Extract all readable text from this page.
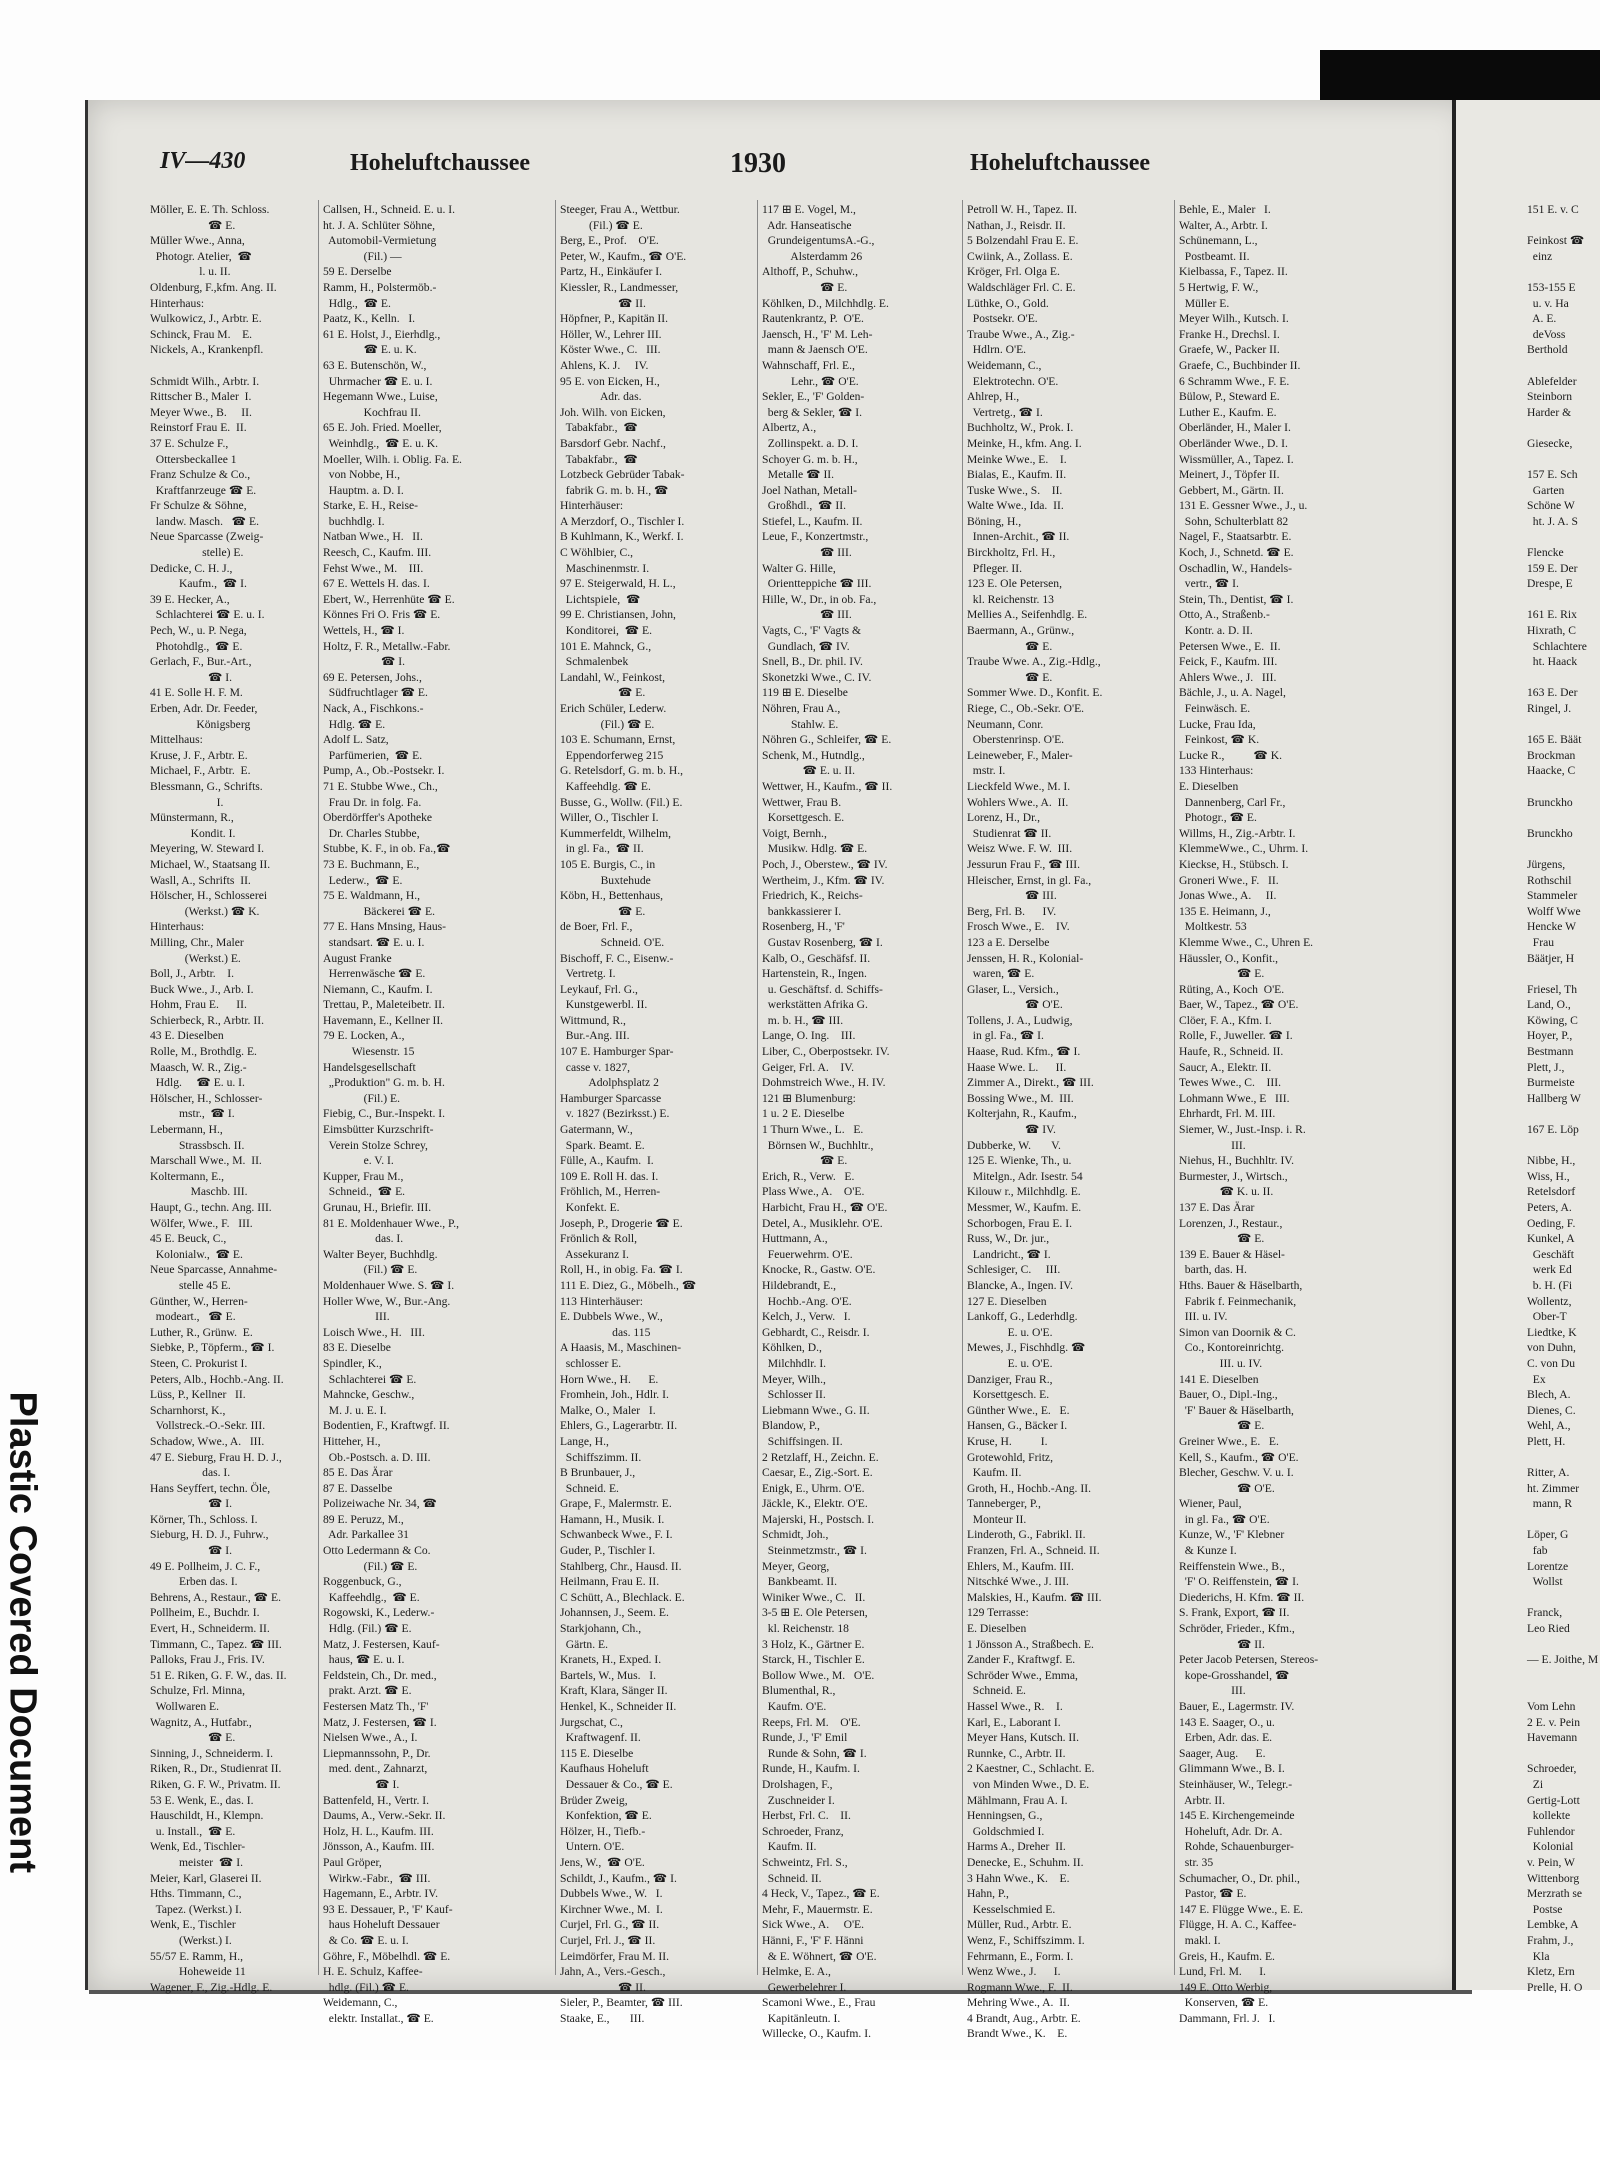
Plastic Covered Document
IV—430	Hoheluftchaussee	1930	Hoheluftchaussee
Möller, E. E. Th. Schloss.
☎ E.
Müller Wwe., Anna,
Photogr. Atelier,  ☎
l. u. II.
Oldenburg, F.,kfm. Ang. II.
Hinterhaus:
Wulkowicz, J., Arbtr. E.
Schinck, Frau M.    E.
Nickels, A., Krankenpfl.
Schmidt Wilh., Arbtr. I.
Rittscher B., Maler  I.
Meyer Wwe., B.     II.
Reinstorf Frau E.  II.
37 E. Schulze F.,
Ottersbeckallee 1
Franz Schulze & Co.,
Kraftfanrzeuge ☎ E.
Fr Schulze & Söhne,
landw. Masch.   ☎ E.
Neue Sparcasse (Zweig-
stelle) E.
Dedicke, C. H. J.,
Kaufm.,  ☎ I.
39 E. Hecker, A.,
Schlachterei ☎ E. u. I.
Pech, W., u. P. Nega,
Photohdlg.,  ☎ E.
Gerlach, F., Bur.-Art.,
☎ I.
41 E. Solle H. F. M.
Erben, Adr. Dr. Feeder,
Königsberg
Mittelhaus:
Kruse, J. F., Arbtr. E.
Michael, F., Arbtr.  E.
Blessmann, G., Schrifts.
I.
Münstermann, R.,
Kondit. I.
Meyering, W. Steward I.
Michael, W., Staatsang II.
Wasll, A., Schrifts  II.
Hölscher, H., Schlosserei
(Werkst.) ☎ K.
Hinterhaus:
Milling, Chr., Maler
(Werkst.) E.
Boll, J., Arbtr.    I.
Buck Wwe., J., Arb. I.
Hohm, Frau E.      II.
Schierbeck, R., Arbtr. II.
43 E. Dieselben
Rolle, M., Brothdlg. E.
Maasch, W. R., Zig.-
Hdlg.     ☎ E. u. I.
Hölscher, H., Schlosser-
mstr.,  ☎ I.
Lebermann, H.,
Strassbsch. II.
Marschall Wwe., M.  II.
Koltermann, E.,
Maschb. III.
Haupt, G., techn. Ang. III.
Wölfer, Wwe., F.   III.
45 E. Beuck, C.,
Kolonialw.,  ☎ E.
Neue Sparcasse, Annahme-
stelle 45 E.
Günther, W., Herren-
modeart.,   ☎ E.
Luther, R., Grünw.  E.
Siebke, P., Töpferm., ☎ I.
Steen, C. Prokurist I.
Peters, Alb., Hochb.-Ang. II.
Lüss, P., Kellner   II.
Scharnhorst, K.,
Vollstreck.-O.-Sekr. III.
Schadow, Wwe., A.   III.
47 E. Sieburg, Frau H. D. J.,
das. I.
Hans Seyffert, techn. Öle,
☎ I.
Körner, Th., Schloss. I.
Sieburg, H. D. J., Fuhrw.,
☎ I.
49 E. Pollheim, J. C. F.,
Erben das. I.
Behrens, A., Restaur., ☎ E.
Pollheim, E., Buchdr. I.
Evert, H., Schneiderm. II.
Timmann, C., Tapez. ☎ III.
Palloks, Frau J., Fris. IV.
51 E. Riken, G. F. W., das. II.
Schulze, Frl. Minna,
Wollwaren E.
Wagnitz, A., Hutfabr.,
☎ E.
Sinning, J., Schneiderm. I.
Riken, R., Dr., Studienrat II.
Riken, G. F. W., Privatm. II.
53 E. Wenk, E., das. I.
Hauschildt, H., Klempn.
u. Install.,  ☎ E.
Wenk, Ed., Tischler-
meister  ☎ I.
Meier, Karl, Glaserei II.
Hths. Timmann, C.,
Tapez. (Werkst.) I.
Wenk, E., Tischler
(Werkst.) I.
55/57 E. Ramm, H.,
Hoheweide 11
Wagener, F., Zig.-Hdlg. E.
Callsen, H., Schneid. E. u. I.
ht. J. A. Schlüter Söhne,
Automobil-Vermietung
(Fil.) —
59 E. Derselbe
Ramm, H., Polstermöb.-
Hdlg.,  ☎ E.
Paatz, K., Kelln.   I.
61 E. Holst, J., Eierhdlg.,
☎ E. u. K.
63 E. Butenschön, W.,
Uhrmacher ☎ E. u. I.
Hegemann Wwe., Luise,
Kochfrau II.
65 E. Joh. Fried. Moeller,
Weinhdlg.,  ☎ E. u. K.
Moeller, Wilh. i. Oblig. Fa. E.
von Nobbe, H.,
Hauptm. a. D. I.
Starke, E. H., Reise-
buchhdlg. I.
Natban Wwe., H.   II.
Reesch, C., Kaufm. III.
Fehst Wwe., M.    III.
67 E. Wettels H. das. I.
Ebert, W., Herrenhüte ☎ E.
Könnes Fri O. Fris ☎ E.
Wettels, H., ☎ I.
Holtz, F. R., Metallw.-Fabr.
☎ I.
69 E. Petersen, Johs.,
Südfruchtlager ☎ E.
Nack, A., Fischkons.-
Hdlg. ☎ E.
Adolf L. Satz,
Parfümerien,  ☎ E.
Pump, A., Ob.-Postsekr. I.
71 E. Stubbe Wwe., Ch.,
Frau Dr. in folg. Fa.
Oberdörffer's Apotheke
Dr. Charles Stubbe,
Stubbe, K. F., in ob. Fa.,☎
73 E. Buchmann, E.,
Lederw.,  ☎ E.
75 E. Waldmann, H.,
Bäckerei ☎ E.
77 E. Hans Mnsing, Haus-
standsart. ☎ E. u. I.
August Franke
Herrenwäsche ☎ E.
Niemann, C., Kaufm. I.
Trettau, P., Maleteibetr. II.
Havemann, E., Kellner II.
79 E. Locken, A.,
Wiesenstr. 15
Handelsgesellschaft
„Produktion" G. m. b. H.
(Fil.) E.
Fiebig, C., Bur.-Inspekt. I.
Eimsbütter Kurzschrift-
Verein Stolze Schrey,
e. V. I.
Kupper, Frau M.,
Schneid.,  ☎ E.
Grunau, H., Briefir. III.
81 E. Moldenhauer Wwe., P.,
das. I.
Walter Beyer, Buchhdlg.
(Fil.) ☎ E.
Moldenhauer Wwe. S. ☎ I.
Holler Wwe, W., Bur.-Ang.
III.
Loisch Wwe., H.   III.
83 E. Dieselbe
Spindler, K.,
Schlachterei ☎ E.
Mahncke, Geschw.,
M. J. u. E. I.
Bodentien, F., Kraftwgf. II.
Hitteher, H.,
Ob.-Postsch. a. D. III.
85 E. Das Ärar
87 E. Dasselbe
Polizeiwache Nr. 34, ☎
89 E. Peruzz, M.,
Adr. Parkallee 31
Otto Ledermann & Co.
(Fil.) ☎ E.
Roggenbuck, G.,
Kaffeehdlg.,  ☎ E.
Rogowski, K., Lederw.-
Hdlg. (Fil.) ☎ E.
Matz, J. Festersen, Kauf-
haus, ☎ E. u. I.
Feldstein, Ch., Dr. med.,
prakt. Arzt. ☎ E.
Festersen Matz Th., 'F'
Matz, J. Festersen, ☎ I.
Nielsen Wwe., A., I.
Liepmannssohn, P., Dr.
med. dent., Zahnarzt,
☎ I.
Battenfeld, H., Vertr. I.
Daums, A., Verw.-Sekr. II.
Holz, H. L., Kaufm. III.
Jönsson, A., Kaufm. III.
Paul Gröper,
Wirkw.-Fabr.,  ☎ III.
Hagemann, E., Arbtr. IV.
93 E. Dessauer, P., 'F' Kauf-
haus Hoheluft Dessauer
& Co. ☎ E. u. I.
Göhre, F., Möbelhdl. ☎ E.
H. E. Schulz, Kaffee-
hdlg. (Fil.) ☎ E.
Weidemann, C.,
elektr. Installat., ☎ E.
Steeger, Frau A., Wettbur.
(Fil.) ☎ E.
Berg, E., Prof.    O'E.
Peter, W., Kaufm., ☎ O'E.
Partz, H., Einkäufer I.
Kiessler, R., Landmesser,
☎ II.
Höpfner, P., Kapitän II.
Höller, W., Lehrer III.
Köster Wwe., C.   III.
Ahlens, K. J.     IV.
95 E. von Eicken, H.,
Adr. das.
Joh. Wilh. von Eicken,
Tabakfabr.,  ☎
Barsdorf Gebr. Nachf.,
Tabakfabr.,  ☎
Lotzbeck Gebrüder Tabak-
fabrik G. m. b. H., ☎
Hinterhäuser:
A Merzdorf, O., Tischler I.
B Kuhlmann, K., Werkf. I.
C Wöhlbier, C.,
Maschinenmstr. I.
97 E. Steigerwald, H. L.,
Lichtspiele,  ☎
99 E. Christiansen, John,
Konditorei,  ☎ E.
101 E. Mahnck, G.,
Schmalenbek
Landahl, W., Feinkost,
☎ E.
Erich Schüler, Lederw.
(Fil.) ☎ E.
103 E. Schumann, Ernst,
Eppendorferweg 215
G. Retelsdorf, G. m. b. H.,
Kaffeehdlg. ☎ E.
Busse, G., Wollw. (Fil.) E.
Willer, O., Tischler I.
Kummerfeldt, Wilhelm,
in gl. Fa.,  ☎ II.
105 E. Burgis, C., in
Buxtehude
Köbn, H., Bettenhaus,
☎ E.
de Boer, Frl. F.,
Schneid. O'E.
Bischoff, F. C., Eisenw.-
Vertretg. I.
Leykauf, Frl. G.,
Kunstgewerbl. II.
Wittmund, R.,
Bur.-Ang. III.
107 E. Hamburger Spar-
casse v. 1827,
Adolphsplatz 2
Hamburger Sparcasse
v. 1827 (Bezirksst.) E.
Gatermann, W.,
Spark. Beamt. E.
Fülle, A., Kaufm.  I.
109 E. Roll H. das. I.
Fröhlich, M., Herren-
Konfekt. E.
Joseph, P., Drogerie ☎ E.
Frönlich & Roll,
Assekuranz I.
Roll, H., in obig. Fa. ☎ I.
111 E. Diez, G., Möbelh., ☎
113 Hinterhäuser:
E. Dubbels Wwe., W.,
das. 115
A Haasis, M., Maschinen-
schlosser E.
Horn Wwe., H.      E.
Fromhein, Joh., Hdlr. I.
Malke, O., Maler   I.
Ehlers, G., Lagerarbtr. II.
Lange, H.,
Schiffszimm. II.
B Brunbauer, J.,
Schneid. E.
Grape, F., Malermstr. E.
Hamann, H., Musik. I.
Schwanbeck Wwe., F. I.
Guder, P., Tischler I.
Stahlberg, Chr., Hausd. II.
Heilmann, Frau E. II.
C Schütt, A., Blechlack. E.
Johannsen, J., Seem. E.
Starkjohann, Ch.,
Gärtn. E.
Kranets, H., Exped. I.
Bartels, W., Mus.   I.
Kraft, Klara, Sänger II.
Henkel, K., Schneider II.
Jurgschat, C.,
Kraftwagenf. II.
115 E. Dieselbe
Kaufhaus Hoheluft
Dessauer & Co., ☎ E.
Brüder Zweig,
Konfektion, ☎ E.
Hölzer, H., Tiefb.-
Untern. O'E.
Jens, W.,  ☎ O'E.
Schildt, J., Kaufm., ☎ I.
Dubbels Wwe., W.   I.
Kirchner Wwe., M.  I.
Curjel, Frl. G., ☎ II.
Curjel, Frl. J., ☎ II.
Leimdörfer, Frau M. II.
Jahn, A., Vers.-Gesch.,
☎ II.
Sieler, P., Beamter, ☎ III.
Staake, E.,       III.
117 ⊞ E. Vogel, M.,
Adr. Hanseatische
GrundeigentumsA.-G.,
Alsterdamm 26
Althoff, P., Schuhw.,
☎ E.
Köhlken, D., Milchhdlg. E.
Rautenkrantz, P.  O'E.
Jaensch, H., 'F' M. Leh-
mann & Jaensch O'E.
Wahnschaff, Frl. E.,
Lehr., ☎ O'E.
Sekler, E., 'F' Golden-
berg & Sekler, ☎ I.
Albertz, A.,
Zollinspekt. a. D. I.
Schoyer G. m. b. H.,
Metalle ☎ II.
Joel Nathan, Metall-
Großhdl.,  ☎ II.
Stiefel, L., Kaufm. II.
Leue, F., Konzertmstr.,
☎ III.
Walter G. Hille,
Orientteppiche ☎ III.
Hille, W., Dr., in ob. Fa.,
☎ III.
Vagts, C., 'F' Vagts &
Gundlach, ☎ IV.
Snell, B., Dr. phil. IV.
Skonetzki Wwe., C. IV.
119 ⊞ E. Dieselbe
Nöhren, Frau A.,
Stahlw. E.
Nöhren G., Schleifer, ☎ E.
Schenk, M., Hutndlg.,
☎ E. u. II.
Wettwer, H., Kaufm., ☎ II.
Wettwer, Frau B.
Korsettgesch. E.
Voigt, Bernh.,
Musikw. Hdlg. ☎ E.
Poch, J., Oberstew., ☎ IV.
Wertheim, J., Kfm. ☎ IV.
Friedrich, K., Reichs-
bankkassierer I.
Rosenberg, H., 'F'
Gustav Rosenberg, ☎ I.
Kalb, O., Geschäfsf. II.
Hartenstein, R., Ingen.
u. Geschäftsf. d. Schiffs-
werkstätten Afrika G.
m. b. H., ☎ III.
Lange, O. Ing.    III.
Liber, C., Oberpostsekr. IV.
Geiger, Frl. A.    IV.
Dohmstreich Wwe., H. IV.
121 ⊞ Blumenburg:
1 u. 2 E. Dieselbe
1 Thurn Wwe., L.   E.
Börnsen W., Buchhltr.,
☎ E.
Erich, R., Verw.   E.
Plass Wwe., A.    O'E.
Harbicht, Frau H., ☎ O'E.
Detel, A., Musiklehr. O'E.
Huttmann, A.,
Feuerwehrm. O'E.
Knocke, R., Gastw. O'E.
Hildebrandt, E.,
Hochb.-Ang. O'E.
Kelch, J., Verw.   I.
Gebhardt, C., Reisdr. I.
Köhlken, D.,
Milchhdlr. I.
Meyer, Wilh.,
Schlosser II.
Liebmann Wwe., G. II.
Blandow, P.,
Schiffsingen. II.
2 Retzlaff, H., Zeichn. E.
Caesar, E., Zig.-Sort. E.
Enigk, E., Uhrm. O'E.
Jäckle, K., Elektr. O'E.
Majerski, H., Postsch. I.
Schmidt, Joh.,
Steinmetzmstr., ☎ I.
Meyer, Georg,
Bankbeamt. II.
Winiker Wwe., C.   II.
3-5 ⊞ E. Ole Petersen,
kl. Reichenstr. 18
3 Holz, K., Gärtner E.
Starck, H., Tischler E.
Bollow Wwe., M.   O'E.
Blumenthal, R.,
Kaufm. O'E.
Reeps, Frl. M.    O'E.
Runde, J., 'F' Emil
Runde & Sohn, ☎ I.
Runde, H., Kaufm. I.
Drolshagen, F.,
Zuschneider I.
Herbst, Frl. C.    II.
Schroeder, Franz,
Kaufm. II.
Schweintz, Frl. S.,
Schneid. II.
4 Heck, V., Tapez., ☎ E.
Mehr, F., Mauermstr. E.
Sick Wwe., A.     O'E.
Hänni, F., 'F' F. Hänni
& E. Wöhnert, ☎ O'E.
Helmke, E. A.,
Gewerbelehrer I.
Scamoni Wwe., E., Frau
Kapitänleutn. I.
Willecke, O., Kaufm. I.
Petroll W. H., Tapez. II.
Nathan, J., Reisdr. II.
5 Bolzendahl Frau E. E.
Cwiink, A., Zollass. E.
Kröger, Frl. Olga E.
Waldschläger Frl. C. E.
Lüthke, O., Gold.
Postsekr. O'E.
Traube Wwe., A., Zig.-
Hdlrn. O'E.
Weidemann, C.,
Elektrotechn. O'E.
Ahlrep, H.,
Vertretg., ☎ I.
Buchholtz, W., Prok. I.
Meinke, H., kfm. Ang. I.
Meinke Wwe., E.    I.
Bialas, E., Kaufm. II.
Tuske Wwe., S.    II.
Walte Wwe., Ida.  II.
Böning, H.,
Innen-Archit., ☎ II.
Birckholtz, Frl. H.,
Pfleger. II.
123 E. Ole Petersen,
kl. Reichenstr. 13
Mellies A., Seifenhdlg. E.
Baermann, A., Grünw.,
☎ E.
Traube Wwe. A., Zig.-Hdlg.,
☎ E.
Sommer Wwe. D., Konfit. E.
Riege, C., Ob.-Sekr. O'E.
Neumann, Conr.
Oberstenrinsp. O'E.
Leineweber, F., Maler-
mstr. I.
Lieckfeld Wwe., M. I.
Wohlers Wwe., A.  II.
Lorenz, H., Dr.,
Studienrat ☎ II.
Weisz Wwe. F. W.  III.
Jessurun Frau F., ☎ III.
Hleischer, Ernst, in gl. Fa.,
☎ III.
Berg, Frl. B.      IV.
Frosch Wwe., E.    IV.
123 a E. Derselbe
Jenssen, H. R., Kolonial-
waren, ☎ E.
Glaser, L., Versich.,
☎ O'E.
Tollens, J. A., Ludwig,
in gl. Fa., ☎ I.
Haase, Rud. Kfm., ☎ I.
Haase Wwe. L.      II.
Zimmer A., Direkt., ☎ III.
Bossing Wwe., M.  III.
Kolterjahn, R., Kaufm.,
☎ IV.
Dubberke, W.       V.
125 E. Wienke, Th., u.
Mitelgn., Adr. Isestr. 54
Kilouw r., Milchhdlg. E.
Messmer, W., Kaufm. E.
Schorbogen, Frau E. I.
Russ, W., Dr. jur.,
Landricht., ☎ I.
Schlesiger, C.     III.
Blancke, A., Ingen. IV.
127 E. Dieselben
Lankoff, G., Lederhdlg.
E. u. O'E.
Mewes, J., Fischhdlg. ☎
E. u. O'E.
Danziger, Frau R.,
Korsettgesch. E.
Günther Wwe., E.   E.
Hansen, G., Bäcker I.
Kruse, H.          I.
Grotewohld, Fritz,
Kaufm. II.
Groth, H., Hochb.-Ang. II.
Tanneberger, P.,
Monteur II.
Linderoth, G., Fabrikl. II.
Franzen, Frl. A., Schneid. II.
Ehlers, M., Kaufm. III.
Nitschké Wwe., J. III.
Malskies, H., Kaufm. ☎ III.
129 Terrasse:
E. Dieselben
1 Jönsson A., Straßbech. E.
Zander F., Kraftwgf. E.
Schröder Wwe., Emma,
Schneid. E.
Hassel Wwe., R.    I.
Karl, E., Laborant I.
Meyer Hans, Kutsch. II.
Runnke, C., Arbtr. II.
2 Kaestner, C., Schlacht. E.
von Minden Wwe., D. E.
Mählmann, Frau A. I.
Henningsen, G.,
Goldschmied I.
Harms A., Dreher  II.
Denecke, E., Schuhm. II.
3 Hahn Wwe., K.    E.
Hahn, P.,
Kesselschmied E.
Müller, Rud., Arbtr. E.
Wenz, F., Schiffszimm. I.
Fehrmann, E., Form. I.
Wenz Wwe., J.      I.
Rogmann Wwe., F.  II.
Mehring Wwe., A.  II.
4 Brandt, Aug., Arbtr. E.
Brandt Wwe., K.    E.
Behle, E., Maler   I.
Walter, A., Arbtr. I.
Schünemann, L.,
Postbeamt. II.
Kielbassa, F., Tapez. II.
5 Hertwig, F. W.,
Müller E.
Meyer Wilh., Kutsch. I.
Franke H., Drechsl. I.
Graefe, W., Packer II.
Graefe, C., Buchbinder II.
6 Schramm Wwe., F. E.
Bülow, P., Steward E.
Luther E., Kaufm. E.
Oberländer, H., Maler I.
Oberländer Wwe., D. I.
Wissmüller, A., Tapez. I.
Meinert, J., Töpfer II.
Gebbert, M., Gärtn. II.
131 E. Gessner Wwe., J., u.
Sohn, Schulterblatt 82
Nagel, F., Staatsarbtr. E.
Koch, J., Schnetd. ☎ E.
Oschadlin, W., Handels-
vertr., ☎ I.
Stein, Th., Dentist, ☎ I.
Otto, A., Straßenb.-
Kontr. a. D. II.
Petersen Wwe., E.  II.
Feick, F., Kaufm. III.
Ahlers Wwe., J.   III.
Bächle, J., u. A. Nagel,
Feinwäsch. E.
Lucke, Frau Ida,
Feinkost, ☎ K.
Lucke R.,          ☎ K.
133 Hinterhaus:
E. Dieselben
Dannenberg, Carl Fr.,
Photogr., ☎ E.
Willms, H., Zig.-Arbtr. I.
KlemmeWwe., C., Uhrm. I.
Kieckse, H., Stübsch. I.
Groneri Wwe., F.   II.
Jonas Wwe., A.     II.
135 E. Heimann, J.,
Moltkestr. 53
Klemme Wwe., C., Uhren E.
Häussler, O., Konfit.,
☎ E.
Rüting, A., Koch  O'E.
Baer, W., Tapez., ☎ O'E.
Clöer, F. A., Kfm. I.
Rolle, F., Juweller. ☎ I.
Haufe, R., Schneid. II.
Saucr, A., Elektr. II.
Tewes Wwe., C.    III.
Lohmann Wwe., E   III.
Ehrhardt, Frl. M. III.
Siemer, W., Just.-Insp. i. R.
III.
Niehus, H., Buchhltr. IV.
Burmester, J., Wirtsch.,
☎ K. u. II.
137 E. Das Ärar
Lorenzen, J., Restaur.,
☎ E.
139 E. Bauer & Häsel-
barth, das. H.
Hths. Bauer & Häselbarth,
Fabrik f. Feinmechanik,
III. u. IV.
Simon van Doornik & C.
Co., Kontoreinrichtg.
III. u. IV.
141 E. Dieselben
Bauer, O., Dipl.-Ing.,
'F' Bauer & Häselbarth,
☎ E.
Greiner Wwe., E.   E.
Kell, S., Kaufm., ☎ O'E.
Blecher, Geschw. V. u. I.
☎ O'E.
Wiener, Paul,
in gl. Fa., ☎ O'E.
Kunze, W., 'F' Klebner
& Kunze I.
Reiffenstein Wwe., B.,
'F' O. Reiffenstein, ☎ I.
Diederichs, H. Kfm. ☎ II.
S. Frank, Export, ☎ II.
Schröder, Frieder., Kfm.,
☎ II.
Peter Jacob Petersen, Stereos-
kope-Grosshandel, ☎
III.
Bauer, E., Lagermstr. IV.
143 E. Saager, O., u.
Erben, Adr. das. E.
Saager, Aug.      E.
Glimmann Wwe., B. I.
Steinhäuser, W., Telegr.-
Arbtr. II.
145 E. Kirchengemeinde
Hoheluft, Adr. Dr. A.
Rohde, Schauenburger-
str. 35
Schumacher, O., Dr. phil.,
Pastor, ☎ E.
147 E. Flügge Wwe., E. E.
Flügge, H. A. C., Kaffee-
makl. I.
Greis, H., Kaufm. E.
Lund, Frl. M.      I.
149 E. Otto Werbig,
Konserven, ☎ E.
Dammann, Frl. J.   I.
151 E. v. C
Feinkost ☎
einz
153-155 E
u. v. Ha
A. E.
deVoss
Berthold
Ablefelder
Steinborn
Harder &
Giesecke,
157 E. Sch
Garten
Schöne W
ht. J. A. S
Flencke
159 E. Der
Drespe, E
161 E. Rix
Hixrath, C
Schlachtere
ht. Haack
163 E. Der
Ringel, J.
165 E. Bäät
Brockman
Haacke, C
Brunckho
Brunckho
Jürgens,
Rothschil
Stammeler
Wolff Wwe
Hencke W
Frau
Bäätjer, H
Friesel, Th
Land, O.,
Köwing, C
Hoyer, P.,
Bestmann
Plett, J.,
Burmeiste
Hallberg W
167 E. Löp
Nibbe, H.,
Wiss, H.,
Retelsdorf
Peters, A.
Oeding, F.
Kunkel, A
Geschäft
werk Ed
b. H. (Fi
Wollentz,
Ober-T
Liedtke, K
von Duhn,
C. von Du
Ex
Blech, A.
Dienes, C.
Wehl, A.,
Plett, H.
Ritter, A.
ht. Zimmer
mann, R
Löper, G
fab
Lorentze
Wollst
Franck,
Leo Ried
— E. Joithe, M
Vom Lehn
2 E. v. Pein
Havemann
Schroeder,
Zi
Gertig-Lott
kollekte
Fuhlendor
Kolonial
v. Pein, W
Wittenborg
Merzrath se
Postse
Lembke, A
Frahm, J.,
Kla
Kletz, Ern
Prelle, H. O
